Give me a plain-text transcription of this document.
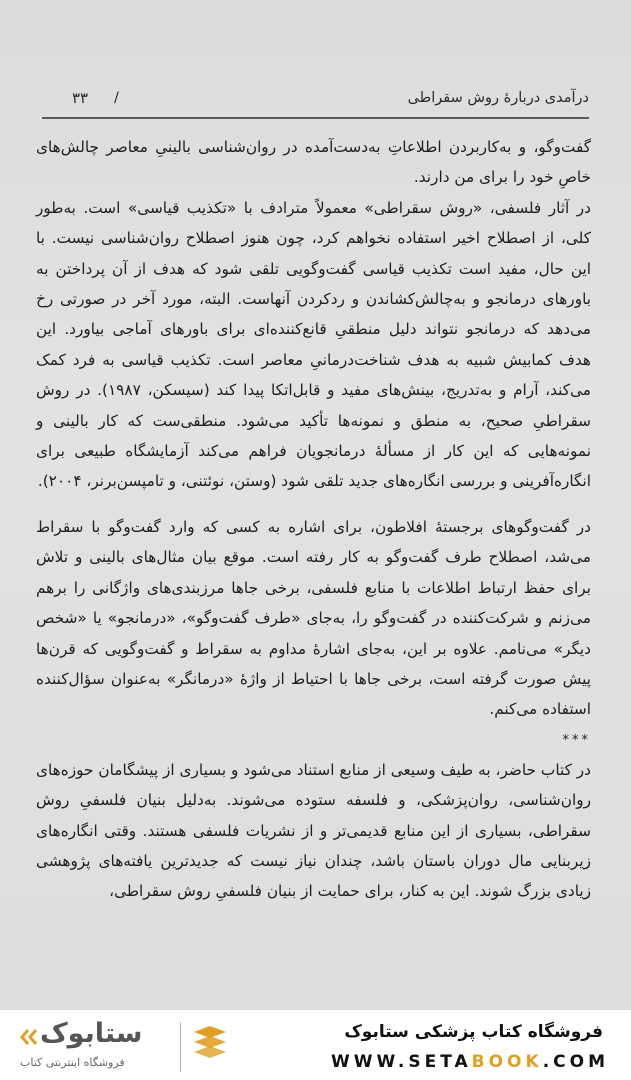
درآمدی دربارهٔ روش سقراطی
/
۳۳

گفت‌وگو، و به‌کاربردن اطلاعاتِ به‌دست‌آمده در روان‌شناسی بالینیِ معاصر چالش‌های خاصِ خود را برای من دارند.

در آثار فلسفی، «روش سقراطی» معمولاً مترادف با «تکذیب قیاسی» است. به‌طور کلی، از اصطلاح اخیر استفاده نخواهم کرد، چون هنوز اصطلاح روان‌شناسی نیست. با این حال، مفید است تکذیب قیاسی گفت‌وگویی تلقی شود که هدف از آن پرداختن به باورهای درمانجو و به‌چالش‌کشاندن و ردکردن آنهاست. البته، مورد آخر در صورتی رخ می‌دهد که درمانجو نتواند دلیل منطقیِ قانع‌کننده‌ای برای باورهای آماجی بیاورد. این هدف کمابیش شبیه به هدف شناخت‌درمانیِ معاصر است. تکذیب قیاسی به فرد کمک می‌کند، آرام و به‌تدریج، بینش‌های مفید و قابل‌اتکا پیدا کند (سیسکن، ۱۹۸۷). در روش سقراطیِ صحیح، به منطق و نمونه‌ها تأکید می‌شود. منطقی‌ست که کار بالینی و نمونه‌هایی که این کار از مسألهٔ درمانجویان فراهم می‌کند آزمایشگاه طبیعی برای انگاره‌آفرینی و بررسی انگاره‌های جدید تلقی شود (وستن، نوئتنی، و تامپسن‌برنر، ۲۰۰۴).

در گفت‌وگوهای برجستهٔ افلاطون، برای اشاره به کسی که وارد گفت‌وگو با سقراط می‌شد، اصطلاح طرف گفت‌وگو به کار رفته است. موقع بیان مثال‌های بالینی و تلاش برای حفظ ارتباط اطلاعات با منابع فلسفی، برخی جاها مرزبندی‌های واژگانی را برهم می‌زنم و شرکت‌کننده در گفت‌وگو را، به‌جای «طرف گفت‌وگو»، «درمانجو» یا «شخص دیگر» می‌نامم. علاوه بر این، به‌جای اشارهٔ مداوم به سقراط و گفت‌وگویی که قرن‌ها پیش صورت گرفته است، برخی جاها با احتیاط از واژهٔ «درمانگر» به‌عنوان سؤال‌کننده استفاده می‌کنم.

***

در کتاب حاضر، به طیف وسیعی از منابع استناد می‌شود و بسیاری از پیشگامان حوزه‌های روان‌شناسی، روان‌پزشکی، و فلسفه ستوده می‌شوند. به‌دلیل بنیان فلسفیِ روش سقراطی، بسیاری از این منابع قدیمی‌تر و از نشریات فلسفی هستند. وقتی انگاره‌های زیربنایی مال دوران باستان باشد، چندان نیاز نیست که جدیدترین یافته‌های پژوهشی زیادی بزرگ شوند. این به کنار، برای حمایت از بنیان فلسفیِ روش سقراطی،

ستابوک
فروشگاه اینترنتی کتاب
فروشگاه کتاب پزشکی ستابوک
WWW.SETABOOK.COM
